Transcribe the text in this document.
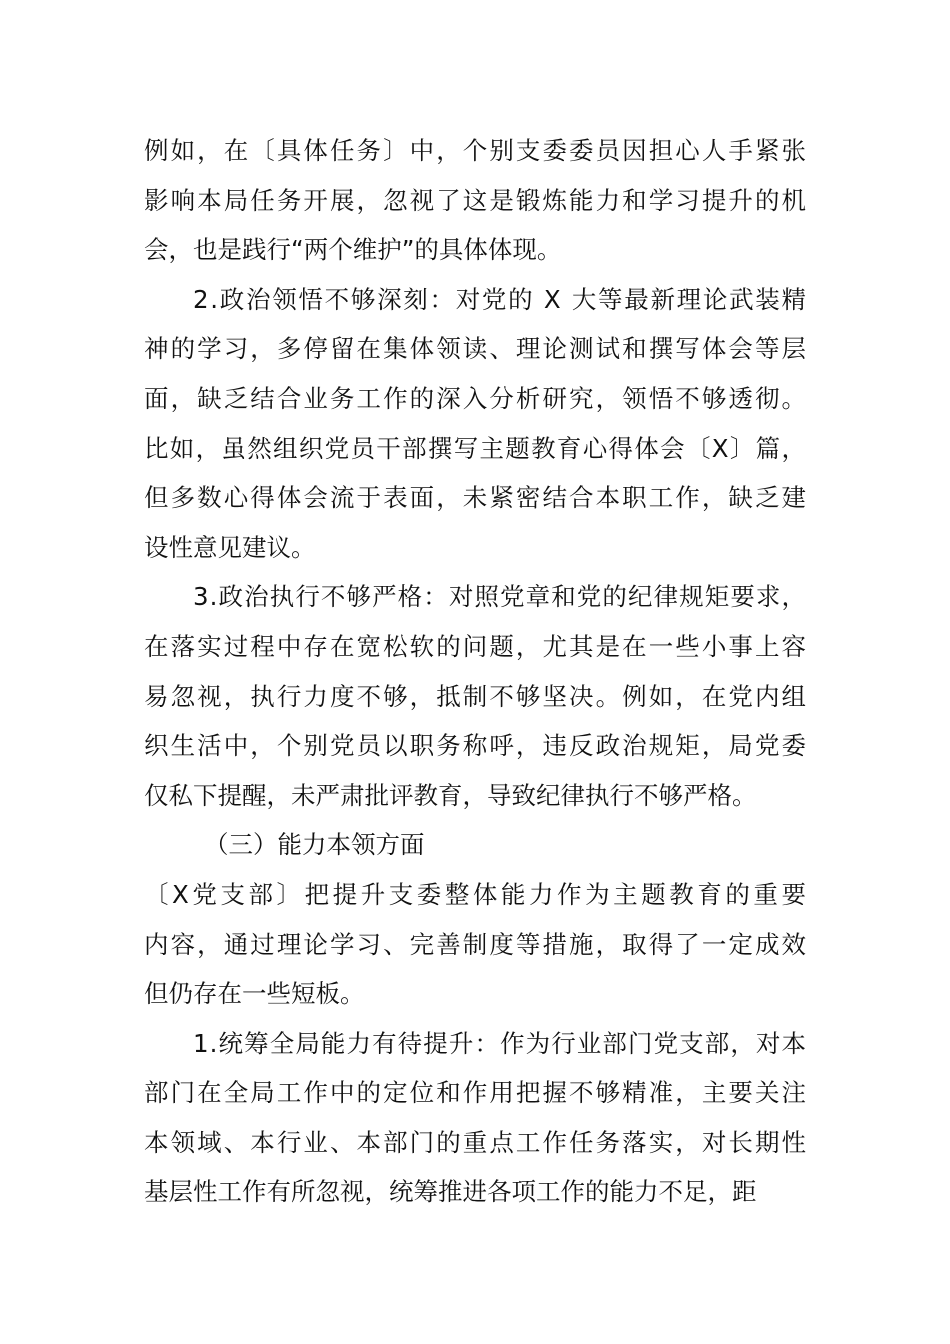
例如，在〔具体任务〕中，个别支委委员因担心人手紧张
影响本局任务开展，忽视了这是锻炼能力和学习提升的机
会，也是践行“两个维护”的具体体现。
2.政治领悟不够深刻：对党的 X 大等最新理论武装精
神的学习，多停留在集体领读、理论测试和撰写体会等层
面，缺乏结合业务工作的深入分析研究，领悟不够透彻。
比如，虽然组织党员干部撰写主题教育心得体会〔X〕篇，
但多数心得体会流于表面，未紧密结合本职工作，缺乏建
设性意见建议。
3.政治执行不够严格：对照党章和党的纪律规矩要求，
在落实过程中存在宽松软的问题，尤其是在一些小事上容
易忽视，执行力度不够，抵制不够坚决。例如，在党内组
织生活中，个别党员以职务称呼，违反政治规矩，局党委
仅私下提醒，未严肃批评教育，导致纪律执行不够严格。
（三）能力本领方面
〔X党支部〕把提升支委整体能力作为主题教育的重要
内容，通过理论学习、完善制度等措施，取得了一定成效
但仍存在一些短板。
1.统筹全局能力有待提升：作为行业部门党支部，对本
部门在全局工作中的定位和作用把握不够精准，主要关注
本领域、本行业、本部门的重点工作任务落实，对长期性
基层性工作有所忽视，统筹推进各项工作的能力不足，距
